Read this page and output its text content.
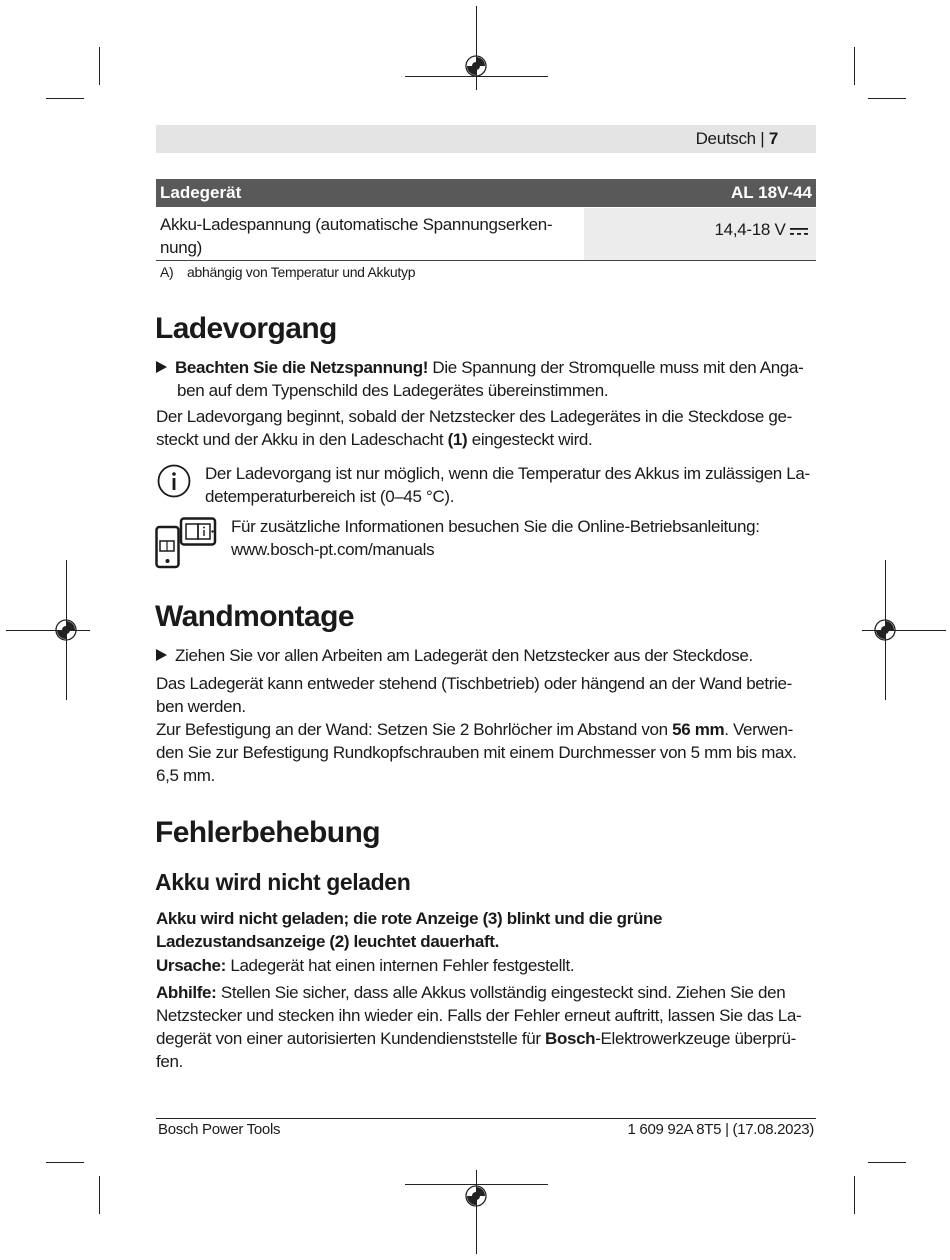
Deutsch | 7
Ladegerät	AL 18V-44
Akku-Ladespannung (automatische Spannungserken-
nung)
14,4-18 V
A) abhängig von Temperatur und Akkutyp
Ladevorgang
Beachten Sie die Netzspannung! Die Spannung der Stromquelle muss mit den Anga-
ben auf dem Typenschild des Ladegerätes übereinstimmen.
Der Ladevorgang beginnt, sobald der Netzstecker des Ladegerätes in die Steckdose ge-
steckt und der Akku in den Ladeschacht (1) eingesteckt wird.
Der Ladevorgang ist nur möglich, wenn die Temperatur des Akkus im zulässigen La-
detemperaturbereich ist (0–45 °C).
Für zusätzliche Informationen besuchen Sie die Online-Betriebsanleitung:
www.bosch-pt.com/manuals
Wandmontage
Ziehen Sie vor allen Arbeiten am Ladegerät den Netzstecker aus der Steckdose.
Das Ladegerät kann entweder stehend (Tischbetrieb) oder hängend an der Wand betrie-
ben werden.
Zur Befestigung an der Wand: Setzen Sie 2 Bohrlöcher im Abstand von 56 mm. Verwen-
den Sie zur Befestigung Rundkopfschrauben mit einem Durchmesser von 5 mm bis max.
6,5 mm.
Fehlerbehebung
Akku wird nicht geladen
Akku wird nicht geladen; die rote Anzeige (3) blinkt und die grüne
Ladezustandsanzeige (2) leuchtet dauerhaft.
Ursache: Ladegerät hat einen internen Fehler festgestellt.
Abhilfe: Stellen Sie sicher, dass alle Akkus vollständig eingesteckt sind. Ziehen Sie den
Netzstecker und stecken ihn wieder ein. Falls der Fehler erneut auftritt, lassen Sie das La-
degerät von einer autorisierten Kundendienststelle für Bosch-Elektrowerkzeuge überprü-
fen.
Bosch Power Tools	1 609 92A 8T5 | (17.08.2023)
